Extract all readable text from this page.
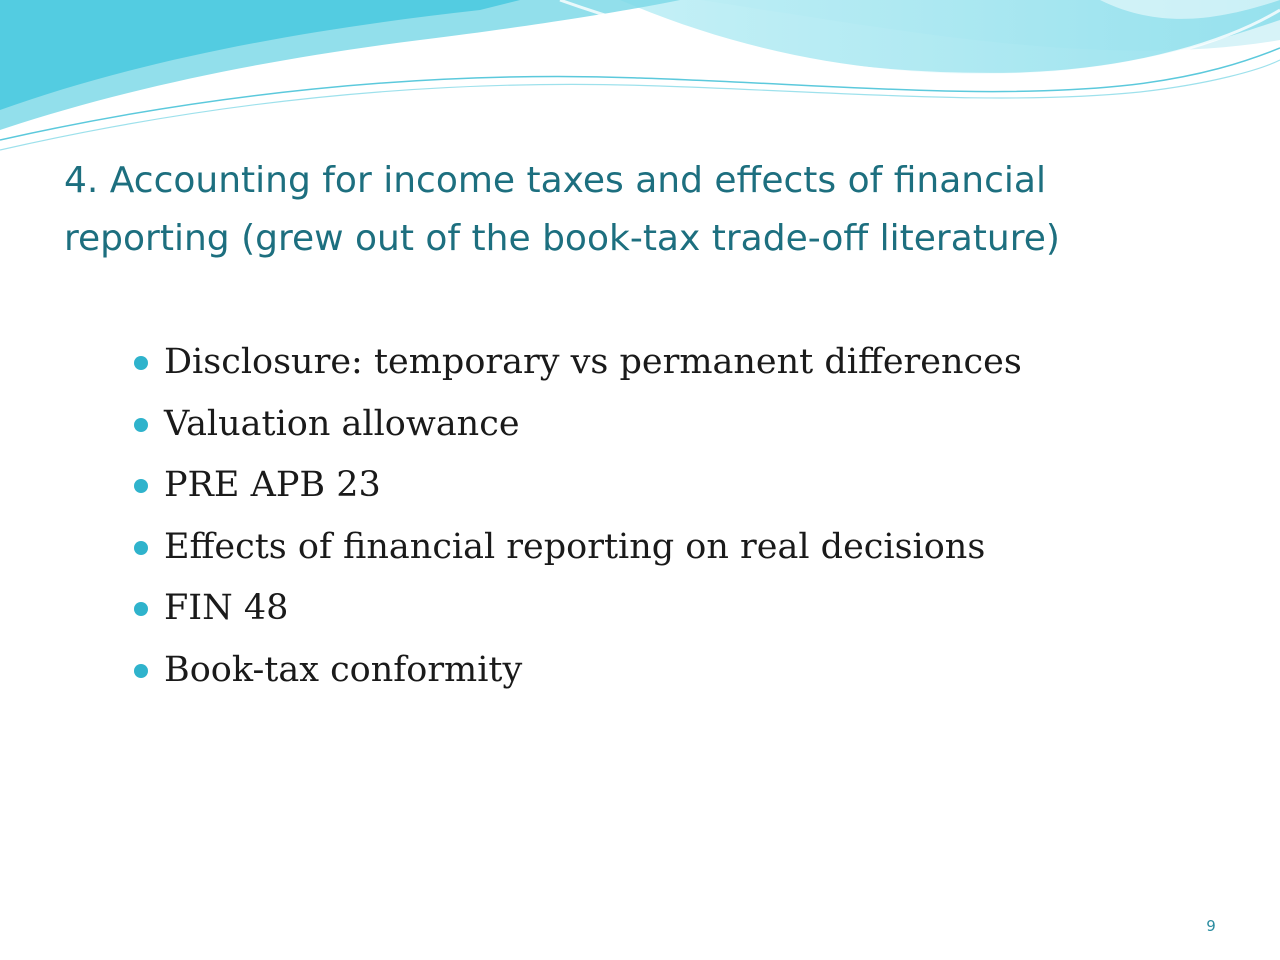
4. Accounting for income taxes and effects of financial
reporting (grew out of the book-tax trade-off literature)
Disclosure: temporary vs permanent differences
Valuation allowance
PRE APB 23
Effects of financial reporting on real decisions
FIN 48
Book-tax conformity
9
